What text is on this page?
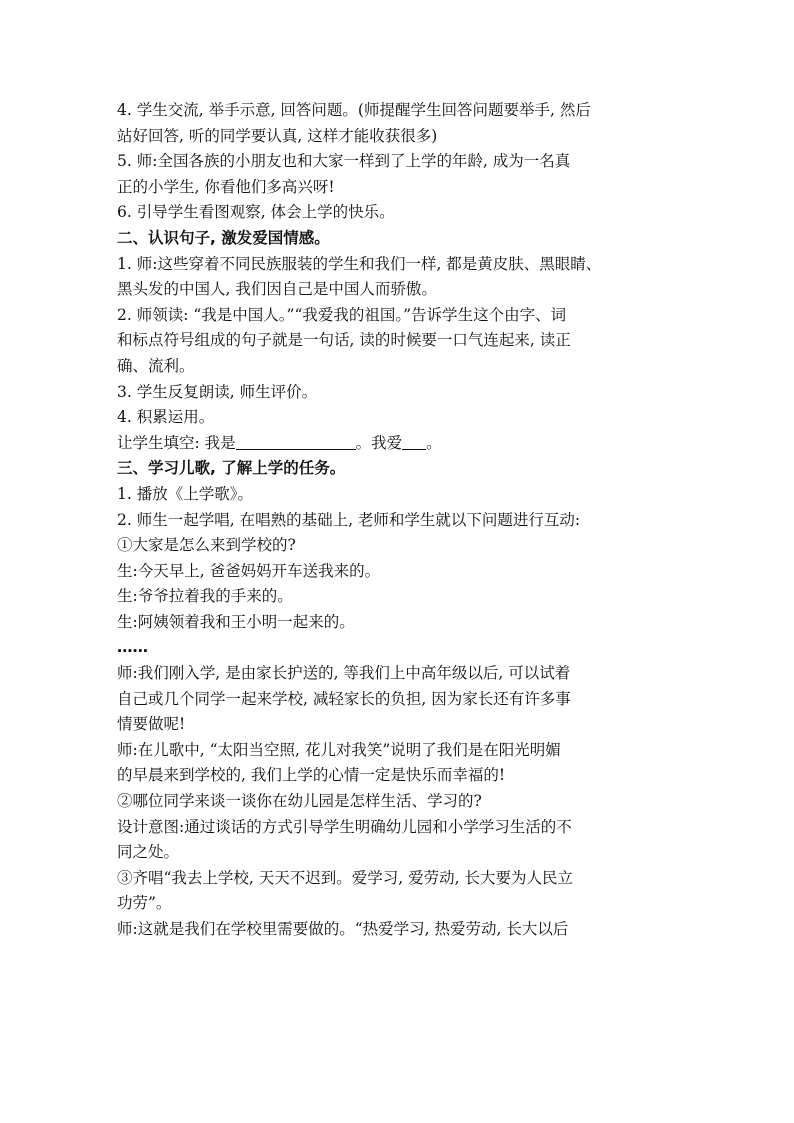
4. 学生交流, 举手示意, 回答问题。(师提醒学生回答问题要举手, 然后
站好回答, 听的同学要认真, 这样才能收获很多)
5. 师:全国各族的小朋友也和大家一样到了上学的年龄, 成为一名真
正的小学生, 你看他们多高兴呀!
6. 引导学生看图观察, 体会上学的快乐。
二、认识句子, 激发爱国情感。
1. 师:这些穿着不同民族服装的学生和我们一样, 都是黄皮肤、黑眼睛、
黑头发的中国人, 我们因自己是中国人而骄傲。
2. 师领读: “我是中国人。”“我爱我的祖国。”告诉学生这个由字、词
和标点符号组成的句子就是一句话, 读的时候要一口气连起来, 读正
确、流利。
3. 学生反复朗读, 师生评价。
4. 积累运用。
让学生填空: 我是	。我爱 。
三、学习儿歌, 了解上学的任务。
1. 播放《上学歌》。
2. 师生一起学唱, 在唱熟的基础上, 老师和学生就以下问题进行互动:
①大家是怎么来到学校的?
生:今天早上, 爸爸妈妈开车送我来的。
生:爷爷拉着我的手来的。
生:阿姨领着我和王小明一起来的。
……
师:我们刚入学, 是由家长护送的, 等我们上中高年级以后, 可以试着
自己或几个同学一起来学校, 减轻家长的负担, 因为家长还有许多事
情要做呢!
师:在儿歌中, “太阳当空照, 花儿对我笑”说明了我们是在阳光明媚
的早晨来到学校的, 我们上学的心情一定是快乐而幸福的!
②哪位同学来谈一谈你在幼儿园是怎样生活、学习的?
设计意图:通过谈话的方式引导学生明确幼儿园和小学学习生活的不
同之处。
③齐唱“我去上学校, 天天不迟到。爱学习, 爱劳动, 长大要为人民立
功劳”。
师:这就是我们在学校里需要做的。“热爱学习, 热爱劳动, 长大以后
